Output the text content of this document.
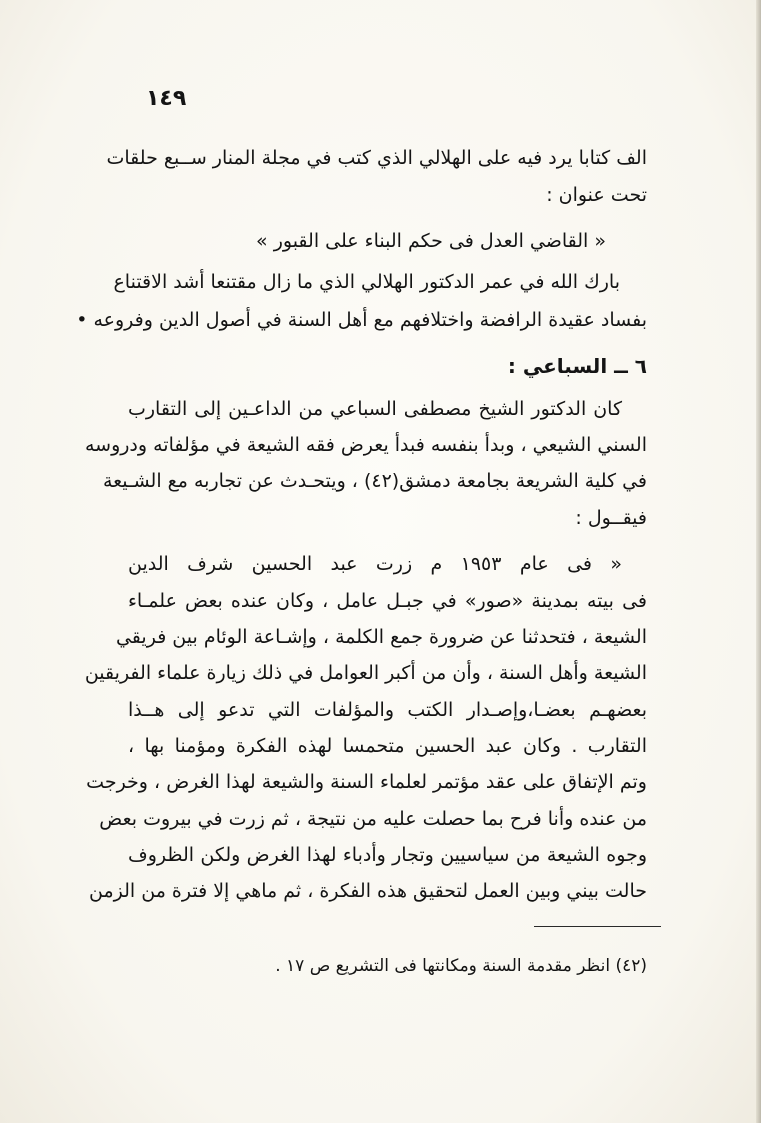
١٤٩
الف كتابا يرد فيه على الهلالي الذي كتب في مجلة المنار ســبع حلقات
تحت عنوان :
« القاضي العدل فى حكم البناء على القبور »
بارك الله في عمر الدكتور الهلالي الذي ما زال مقتنعا أشد الاقتناع
بفساد عقيدة الرافضة واختلافهم مع أهل السنة في أصول الدين وفروعه •
٦ ــ السباعي :
كان الدكتور الشيخ مصطفى السباعي من الداعـين إلى التقارب
السني الشيعي ، وبدأ بنفسه فبدأ يعرض فقه الشيعة في مؤلفاته ودروسه
في كلية الشريعة بجامعة دمشق(٤٢) ، ويتحـدث عن تجاربه مع الشـيعة
فيقــول :
« فى عام ١٩٥٣ م زرت عبد الحسين شرف الدين
فى بيته بمدينة «صور» في جبـل عامل ، وكان عنده بعض علمـاء
الشيعة ، فتحدثنا عن ضرورة جمع الكلمة ، وإشـاعة الوئام بين فريقي
الشيعة وأهل السنة ، وأن من أكبر العوامل في ذلك زيارة علماء الفريقين
بعضهـم بعضـا،وإصـدار الكتب والمؤلفات التي تدعو إلى هــذا
التقارب . وكان عبد الحسين متحمسا لهذه الفكرة ومؤمنا بها ،
وتم الإتفاق على عقد مؤتمر لعلماء السنة والشيعة لهذا الغرض ، وخرجت
من عنده وأنا فرح بما حصلت عليه من نتيجة ، ثم زرت في بيروت بعض
وجوه الشيعة من سياسيين وتجار وأدباء لهذا الغرض ولكن الظروف
حالت بيني وبين العمل لتحقيق هذه الفكرة ، ثم ماهي إلا فترة من الزمن
(٤٢) انظر مقدمة السنة ومكانتها فى التشريع ص ١٧ .
